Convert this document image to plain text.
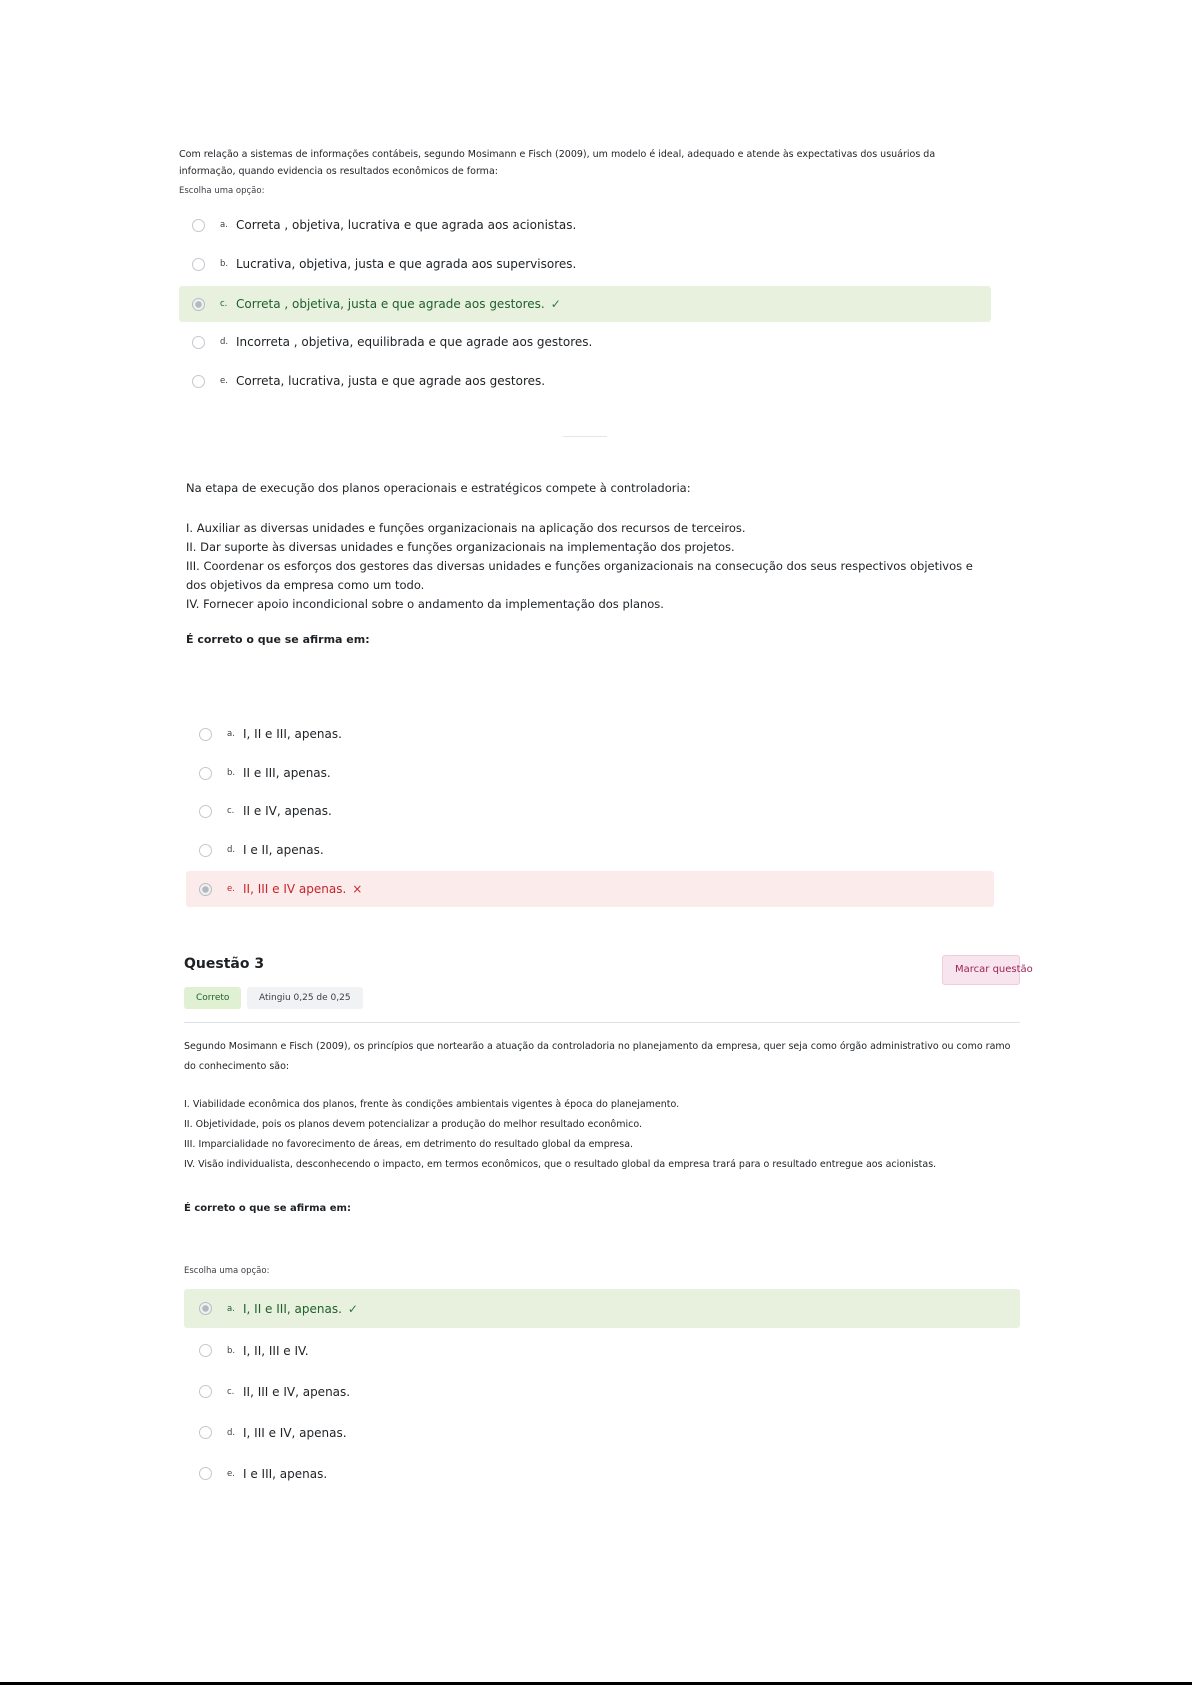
Com relação a sistemas de informações contábeis, segundo Mosimann e Fisch (2009), um modelo é ideal, adequado e atende às expectativas dos usuários da informação, quando evidencia os resultados econômicos de forma:
Escolha uma opção:
a. Correta , objetiva, lucrativa e que agrada aos acionistas.
b. Lucrativa, objetiva, justa e que agrada aos supervisores.
c. Correta , objetiva, justa e que agrade aos gestores. ✓
d. Incorreta , objetiva, equilibrada e que agrade aos gestores.
e. Correta, lucrativa, justa e que agrade aos gestores.
Na etapa de execução dos planos operacionais e estratégicos compete à controladoria:
I. Auxiliar as diversas unidades e funções organizacionais na aplicação dos recursos de terceiros.
II. Dar suporte às diversas unidades e funções organizacionais na implementação dos projetos.
III. Coordenar os esforços dos gestores das diversas unidades e funções organizacionais na consecução dos seus respectivos objetivos e dos objetivos da empresa como um todo.
IV. Fornecer apoio incondicional sobre o andamento da implementação dos planos.
É correto o que se afirma em:
a. I, II e III, apenas.
b. II e III, apenas.
c. II e IV, apenas.
d. I e II, apenas.
e. II, III e IV apenas. ×
Questão 3	Marcar questão
Correto	Atingiu 0,25 de 0,25
Segundo Mosimann e Fisch (2009), os princípios que nortearão a atuação da controladoria no planejamento da empresa, quer seja como órgão administrativo ou como ramo do conhecimento são:
I. Viabilidade econômica dos planos, frente às condições ambientais vigentes à época do planejamento.
II. Objetividade, pois os planos devem potencializar a produção do melhor resultado econômico.
III. Imparcialidade no favorecimento de áreas, em detrimento do resultado global da empresa.
IV. Visão individualista, desconhecendo o impacto, em termos econômicos, que o resultado global da empresa trará para o resultado entregue aos acionistas.
É correto o que se afirma em:
Escolha uma opção:
a. I, II e III, apenas. ✓
b. I, II, III e IV.
c. II, III e IV, apenas.
d. I, III e IV, apenas.
e. I e III, apenas.
